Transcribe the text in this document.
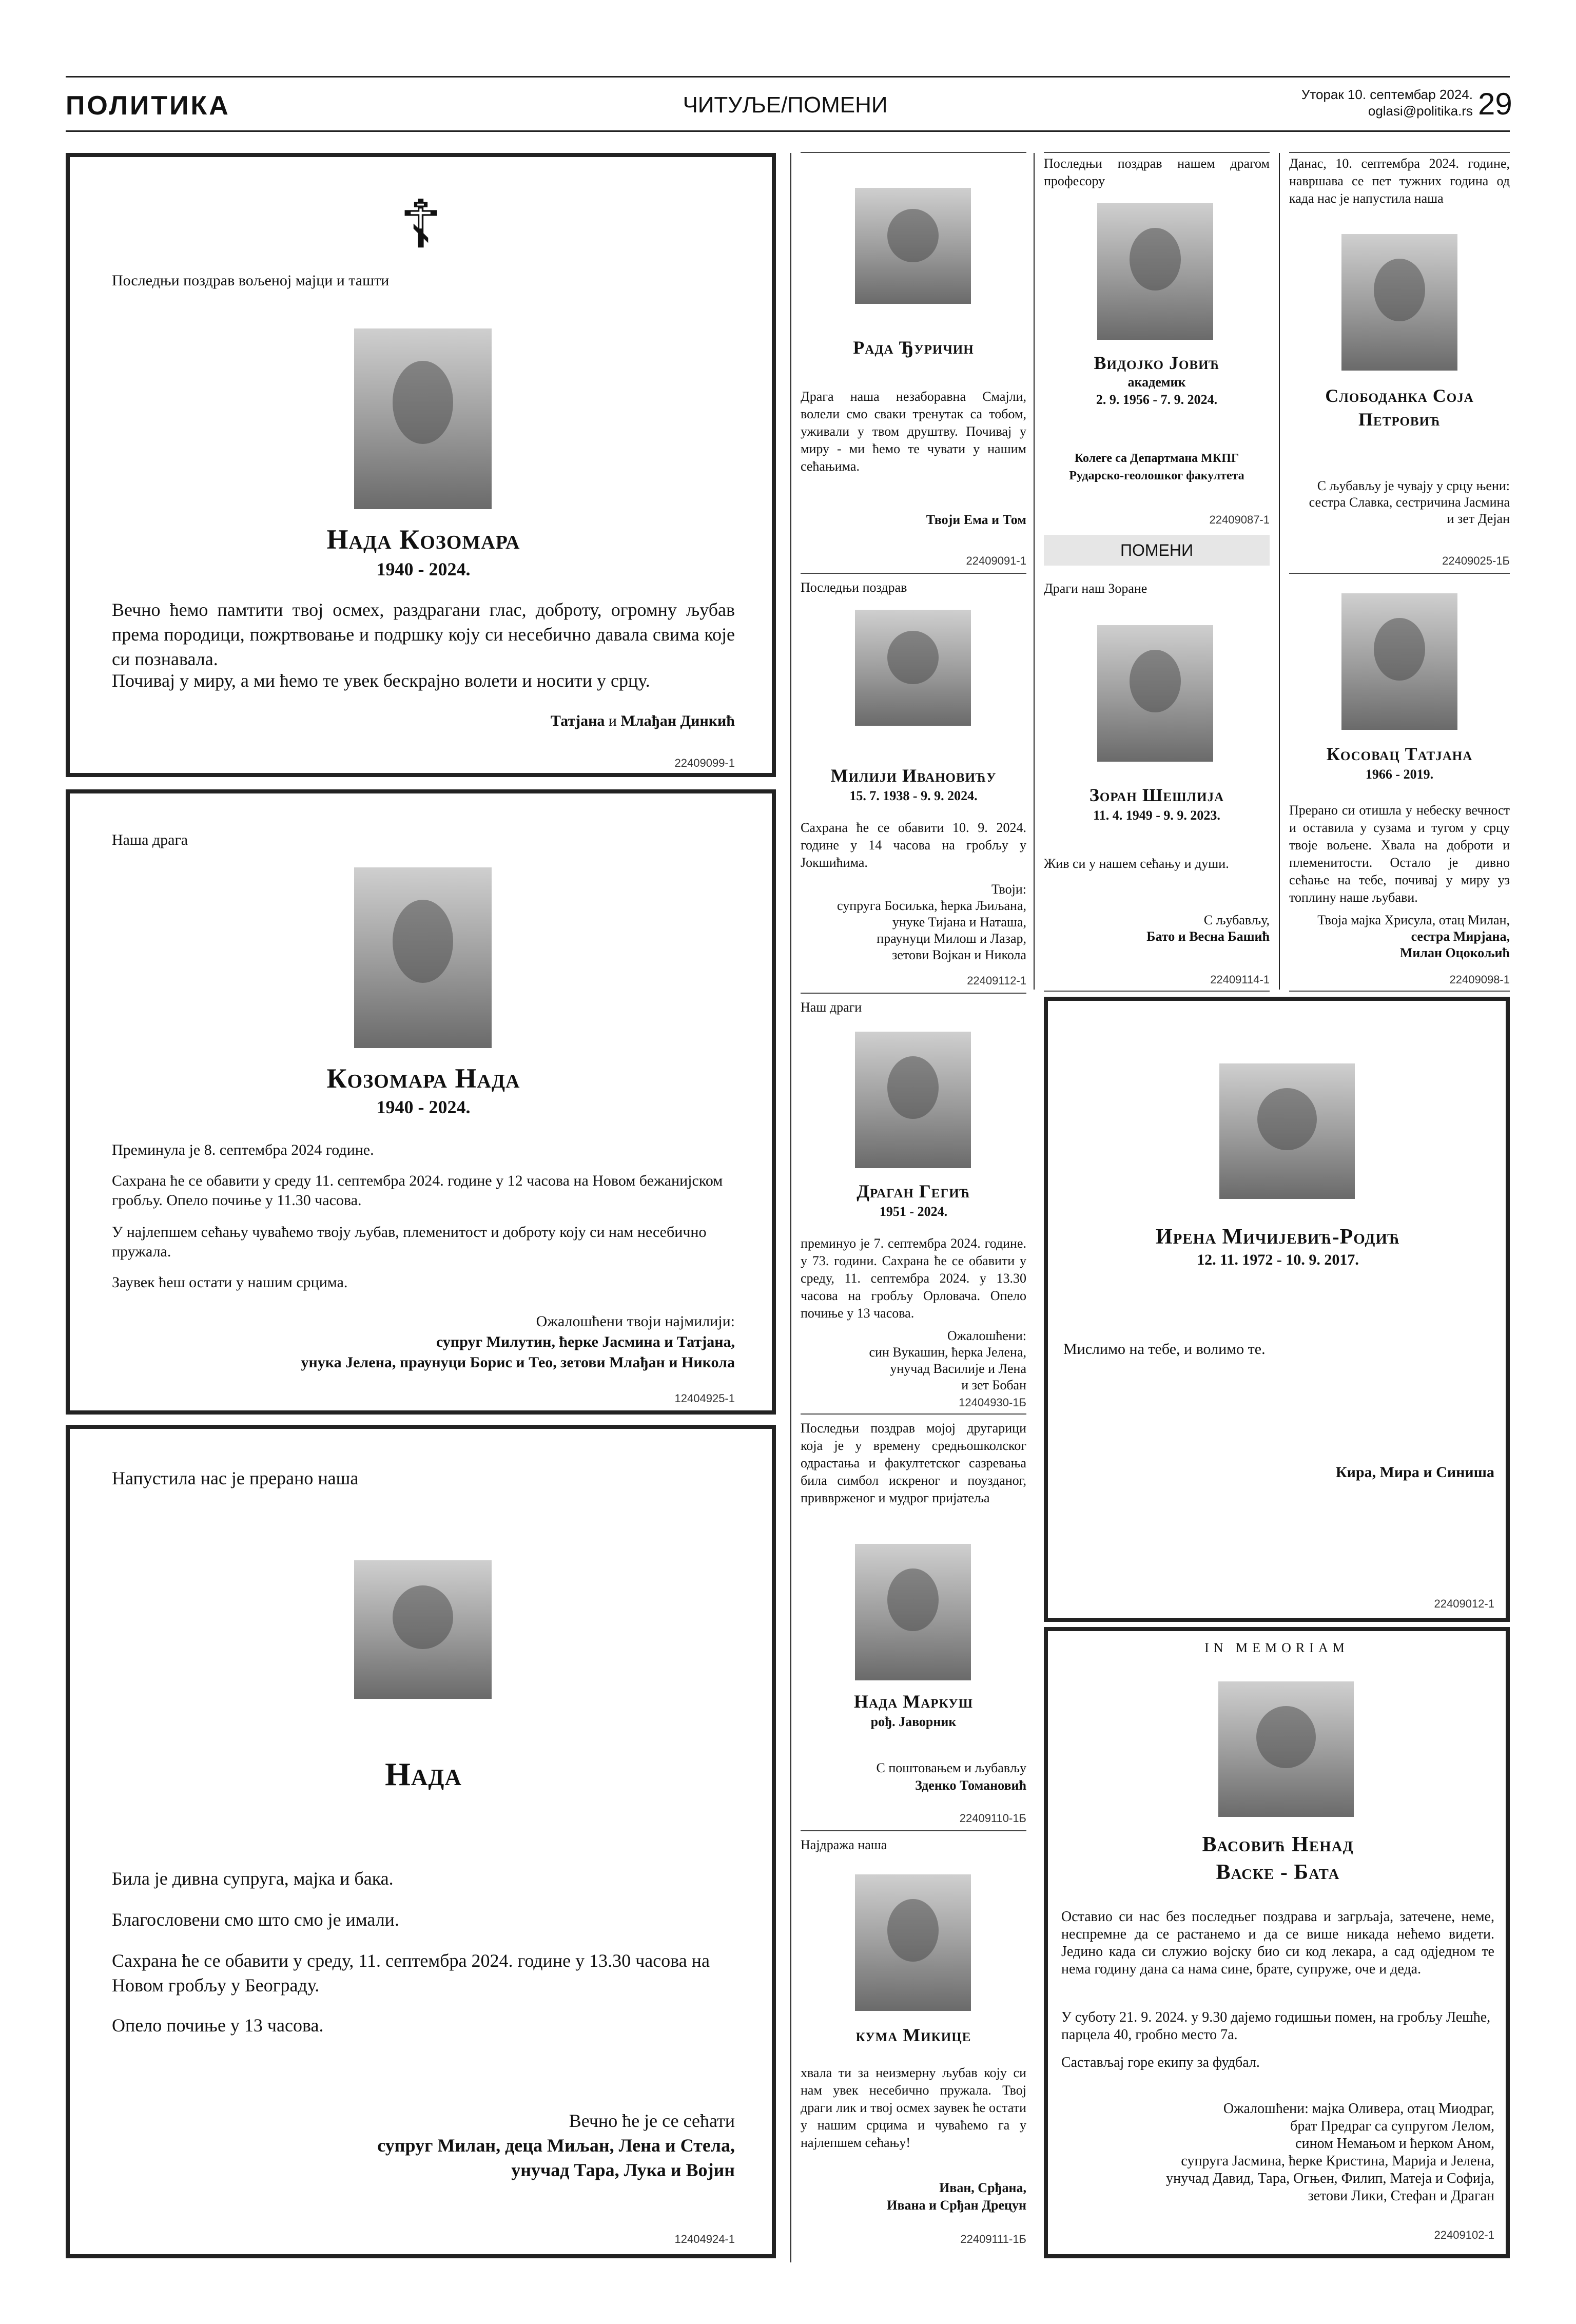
ПОЛИТИКА	ЧИТУЉЕ/ПОМЕНИ	Уторак 10. септембар 2024.
oglasi@politika.rs 29
☦
Последњи поздрав вољеној мајци и ташти
Нада Козомара
1940 - 2024.
Вечно ћемо памтити твој осмех, раздрагани глас, доброту, огромну љубав према породици, пожртвовање и подршку коју си несебично давала свима које си познавала.
Почивај у миру, а ми ћемо те увек бескрајно волети и носити у срцу.
Татјана и Млађан Динкић
22409099-1
Наша драга
Козомара Нада
1940 - 2024.
Преминула је 8. септембра 2024 године.
Сахрана ће се обавити у среду 11. септембра 2024. године у 12 часова на Новом бежанијском гробљу. Опело почиње у 11.30 часова.
У најлепшем сећању чуваћемо твоју љубав, племенитост и доброту коју си нам несебично пружала.
Заувек ћеш остати у нашим срцима.
Ожалошћени твоји најмилији:
супруг Милутин, ћерке Јасмина и Татјана,
унука Јелена, праунуци Борис и Тео, зетови Млађан и Никола
12404925-1
Напустила нас је прерано наша
Нада
Била је дивна супруга, мајка и бака.
Благословени смо што смо је имали.
Сахрана ће се обавити у среду, 11. септембра 2024. године у 13.30 часова на Новом гробљу у Београду.
Опело почиње у 13 часова.
Вечно ће је се сећати
супруг Милан, деца Миљан, Лена и Стела,
унучад Тара, Лука и Војин
12404924-1
Рада Ђуричин
Драга наша незаборавна Смајли, волели смо сваки тренутак са тобом, уживали у твом друштву. Почивај у миру - ми ћемо те чувати у нашим сећањима.
Твоји Ема и Том
22409091-1
Последњи поздрав
Милији Ивановићу
15. 7. 1938 - 9. 9. 2024.
Сахрана ће се обавити 10. 9. 2024. године у 14 часова на гробљу у Јокшићима.
Твоји:
супруга Босиљка, ћерка Љиљана,
унуке Тијана и Наташа,
праунуци Милош и Лазар,
зетови Војкан и Никола
22409112-1
Наш драги
Драган Гегић
1951 - 2024.
преминуо је 7. септембра 2024. године. у 73. години. Сахрана ће се обавити у среду, 11. септембра 2024. у 13.30 часова на гробљу Орловача. Опело почиње у 13 часова.
Ожалошћени:
син Вукашин, ћерка Јелена,
унучад Василије и Лена
и зет Бобан
12404930-1Б
Последњи поздрав мојој другарици која је у времену средњошколског одрастања и факултетског сазревања била симбол искреног и поузданог, привврженог и мудрог пријатеља
Нада Маркуш
рођ. Јаворник
С поштовањем и љубављу
Зденко Томановић
22409110-1Б
Најдража наша
кума Микице
хвала ти за неизмерну љубав коју си нам увек несебично пружала. Твој драги лик и твој осмех заувек ће остати у нашим срцима и чуваћемо га у најлепшем сећању!
Иван, Срђана,
Ивана и Срђан Дрецун
22409111-1Б
Последњи поздрав нашем драгом професору
Видојко Јовић
академик
2. 9. 1956 - 7. 9. 2024.
Колеге са Департмана МКПГ
Рударско-геолошког факултета
22409087-1
ПОМЕНИ
Драги наш Зоране
Зоран Шешлија
11. 4. 1949 - 9. 9. 2023.
Жив си у нашем сећању и души.
С љубављу,
Бато и Весна Башић
22409114-1
Данас, 10. септембра 2024. године, навршава се пет тужних година од када нас је напустила наша
Слободанка Соја
Петровић
С љубављу је чувају у срцу њени:
сестра Славка, сестричина Јасмина
и зет Дејан
22409025-1Б
Косовац Татјана
1966 - 2019.
Прерано си отишла у небеску вечност и оставила у сузама и тугом у срцу твоје вољене. Хвала на доброти и племенитости. Остало је дивно сећање на тебе, почивај у миру уз топлину наше љубави.
Твоја мајка Хрисула, отац Милан,
сестра Мирјана,
Милан Оцокољић
22409098-1
Ирена Мичијевић-Родић
12. 11. 1972 - 10. 9. 2017.
Мислимо на тебе, и волимо те.
Кира, Мира и Синиша
22409012-1
IN MEMORIAM
Васовић Ненад
Васке - Бата
Оставио си нас без последњег поздрава и загрљаја, затечене, неме, неспремне да се растанемо и да се више никада нећемо видети. Једино када си служио војску био си код лекара, а сад одједном те нема годину дана са нама сине, брате, супруже, оче и деда.
У суботу 21. 9. 2024. у 9.30 дајемо годишњи помен, на гробљу Лешће, парцела 40, гробно место 7а.
Састављај горе екипу за фудбал.
Ожалошћени: мајка Оливера, отац Миодраг,
брат Предраг са супругом Лелом,
сином Немањом и ћерком Аном,
супруга Јасмина, ћерке Кристина, Марија и Јелена,
унучад Давид, Тара, Огњен, Филип, Матеја и Софија,
зетови Лики, Стефан и Драган
22409102-1
